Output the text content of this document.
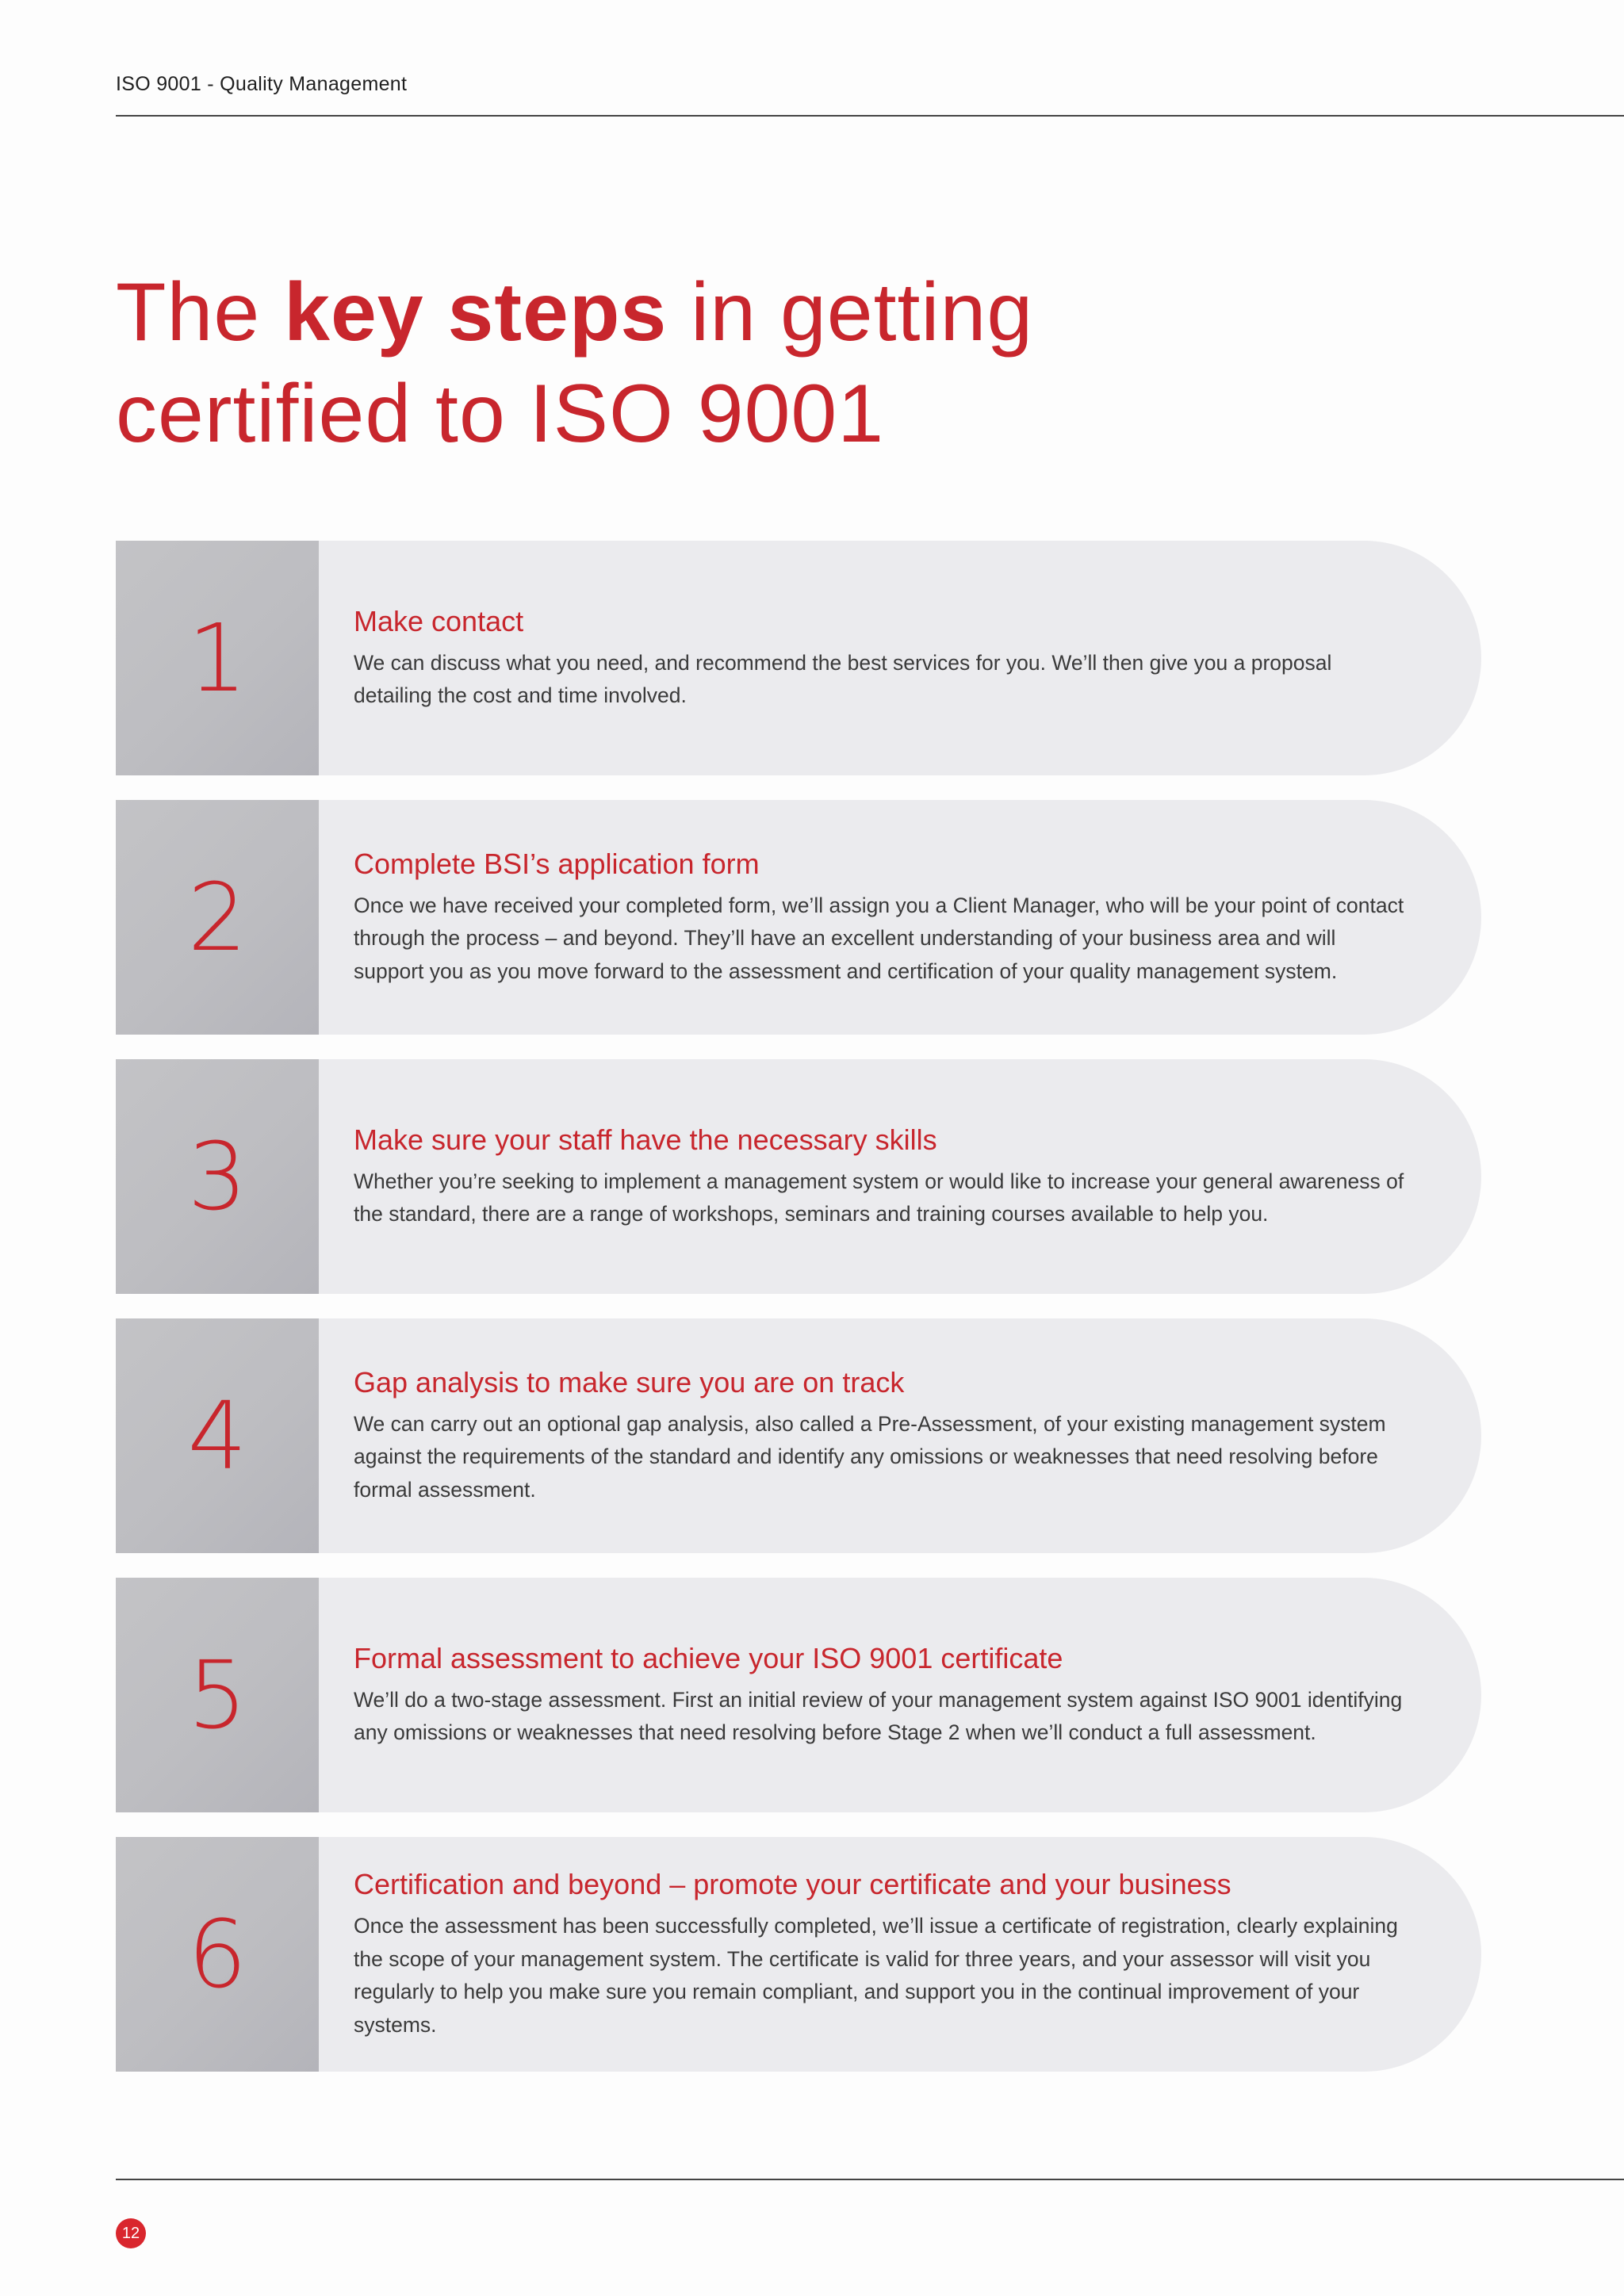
ISO 9001 - Quality Management
The key steps in getting
certified to ISO 9001
1	Make contact

We can discuss what you need, and recommend the best services for you. We’ll then give you a proposal detailing the cost and time involved.

2	Complete BSI’s application form

Once we have received your completed form, we’ll assign you a Client Manager, who will be your point of contact through the process – and beyond. They’ll have an excellent understanding of your business area and will support you as you move forward to the assessment and certification of your quality management system.

3	Make sure your staff have the necessary skills

Whether you’re seeking to implement a management system or would like to increase your general awareness of the standard, there are a range of workshops, seminars and training courses available to help you.

4	Gap analysis to make sure you are on track

We can carry out an optional gap analysis, also called a Pre-Assessment, of your existing management system against the requirements of the standard and identify any omissions or weaknesses that need resolving before formal assessment.

5	Formal assessment to achieve your ISO 9001 certificate

We’ll do a two-stage assessment. First an initial review of your management system against ISO 9001 identifying any omissions or weaknesses that need resolving before Stage 2 when we’ll conduct a full assessment.

6
Certification and beyond – promote your certificate and your business

Once the assessment has been successfully completed, we’ll issue a certificate of registration, clearly explaining the scope of your management system. The certificate is valid for three years, and your assessor will visit you regularly to help you make sure you remain compliant, and support you in the continual improvement of your systems.

12
